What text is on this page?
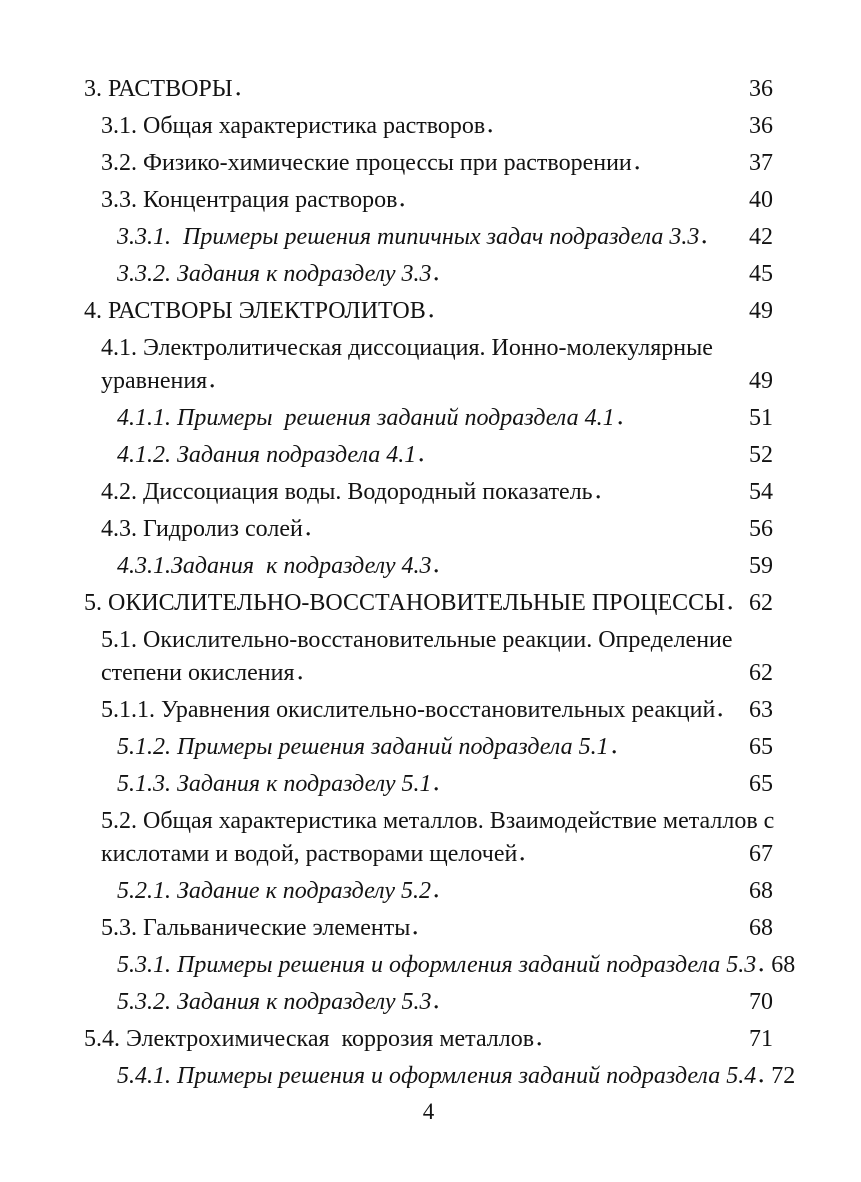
3. РАСТВОРЫ	36
3.1. Общая характеристика растворов	36
3.2. Физико-химические процессы при растворении	37
3.3. Концентрация растворов	40
3.3.1.  Примеры решения типичных задач подраздела 3.3 42
3.3.2. Задания к подразделу 3.3	45
4. РАСТВОРЫ ЭЛЕКТРОЛИТОВ	49
4.1. Электролитическая диссоциация. Ионно-молекулярные
уравнения	49
4.1.1. Примеры  решения заданий подраздела 4.1	51
4.1.2. Задания подраздела 4.1	52
4.2. Диссоциация воды. Водородный показатель	54
4.3. Гидролиз солей	56
4.3.1.Задания  к подразделу 4.3	59
5. ОКИСЛИТЕЛЬНО-ВОССТАНОВИТЕЛЬНЫЕ ПРОЦЕССЫ 62
5.1. Окислительно-восстановительные реакции. Определение
степени окисления	62
5.1.1. Уравнения окислительно-восстановительных реакций 63
5.1.2. Примеры решения заданий подраздела 5.1	65
5.1.3. Задания к подразделу 5.1	65
5.2. Общая характеристика металлов. Взаимодействие металлов с
кислотами и водой, растворами щелочей	67
5.2.1. Задание к подразделу 5.2	68
5.3. Гальванические элементы	68
5.3.1. Примеры решения и оформления заданий подраздела 5.3 68
5.3.2. Задания к подразделу 5.3	70
5.4. Электрохимическая  коррозия металлов	71
5.4.1. Примеры решения и оформления заданий подраздела 5.4 72
4
